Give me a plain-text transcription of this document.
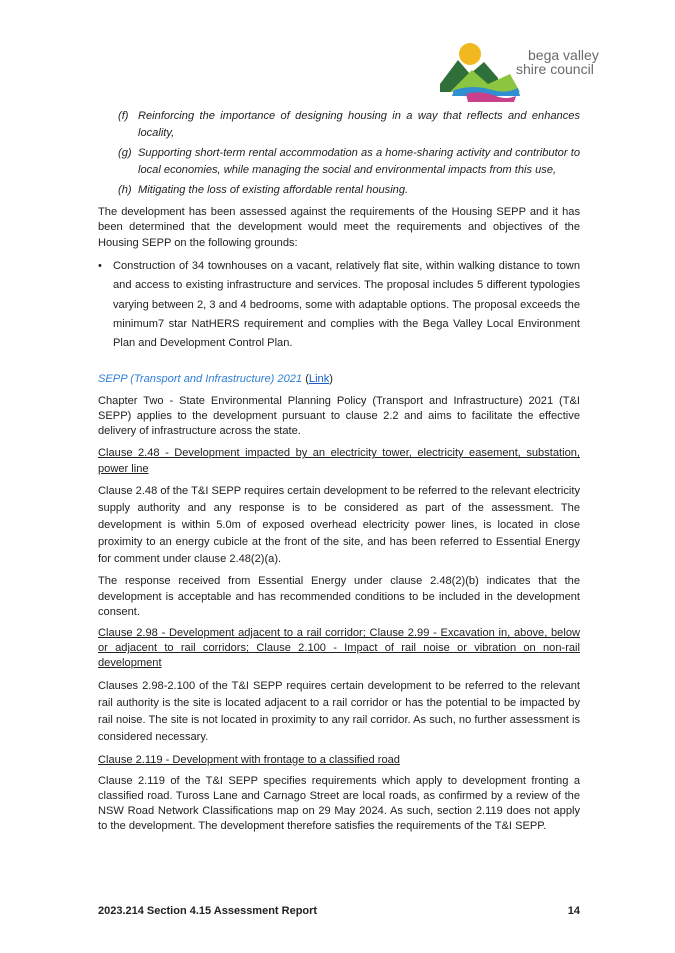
bega valley
shire council
(f) Reinforcing the importance of designing housing in a way that reflects and enhances locality,

(g) Supporting short-term rental accommodation as a home-sharing activity and contributor to local economies, while managing the social and environmental impacts from this use,

(h) Mitigating the loss of existing affordable rental housing.

The development has been assessed against the requirements of the Housing SEPP and it has been determined that the development would meet the requirements and objectives of the Housing SEPP on the following grounds:

• Construction of 34 townhouses on a vacant, relatively flat site, within walking distance to town and access to existing infrastructure and services. The proposal includes 5 different typologies varying between 2, 3 and 4 bedrooms, some with adaptable options. The proposal exceeds the minimum7 star NatHERS requirement and complies with the Bega Valley Local Environment Plan and Development Control Plan.

SEPP (Transport and Infrastructure) 2021 (Link)

Chapter Two - State Environmental Planning Policy (Transport and Infrastructure) 2021 (T&I SEPP) applies to the development pursuant to clause 2.2 and aims to facilitate the effective delivery of infrastructure across the state.

Clause 2.48 - Development impacted by an electricity tower, electricity easement, substation, power line

Clause 2.48 of the T&I SEPP requires certain development to be referred to the relevant electricity supply authority and any response is to be considered as part of the assessment. The development is within 5.0m of exposed overhead electricity power lines, is located in close proximity to an energy cubicle at the front of the site, and has been referred to Essential Energy for comment under clause 2.48(2)(a).

The response received from Essential Energy under clause 2.48(2)(b) indicates that the development is acceptable and has recommended conditions to be included in the development consent.

Clause 2.98 - Development adjacent to a rail corridor; Clause 2.99 - Excavation in, above, below or adjacent to rail corridors; Clause 2.100 - Impact of rail noise or vibration on non-rail development

Clauses 2.98-2.100 of the T&I SEPP requires certain development to be referred to the relevant rail authority is the site is located adjacent to a rail corridor or has the potential to be impacted by rail noise. The site is not located in proximity to any rail corridor. As such, no further assessment is considered necessary.

Clause 2.119 - Development with frontage to a classified road

Clause 2.119 of the T&I SEPP specifies requirements which apply to development fronting a classified road. Tuross Lane and Carnago Street are local roads, as confirmed by a review of the NSW Road Network Classifications map on 29 May 2024. As such, section 2.119 does not apply to the development. The development therefore satisfies the requirements of the T&I SEPP.

2023.214 Section 4.15 Assessment Report	14
